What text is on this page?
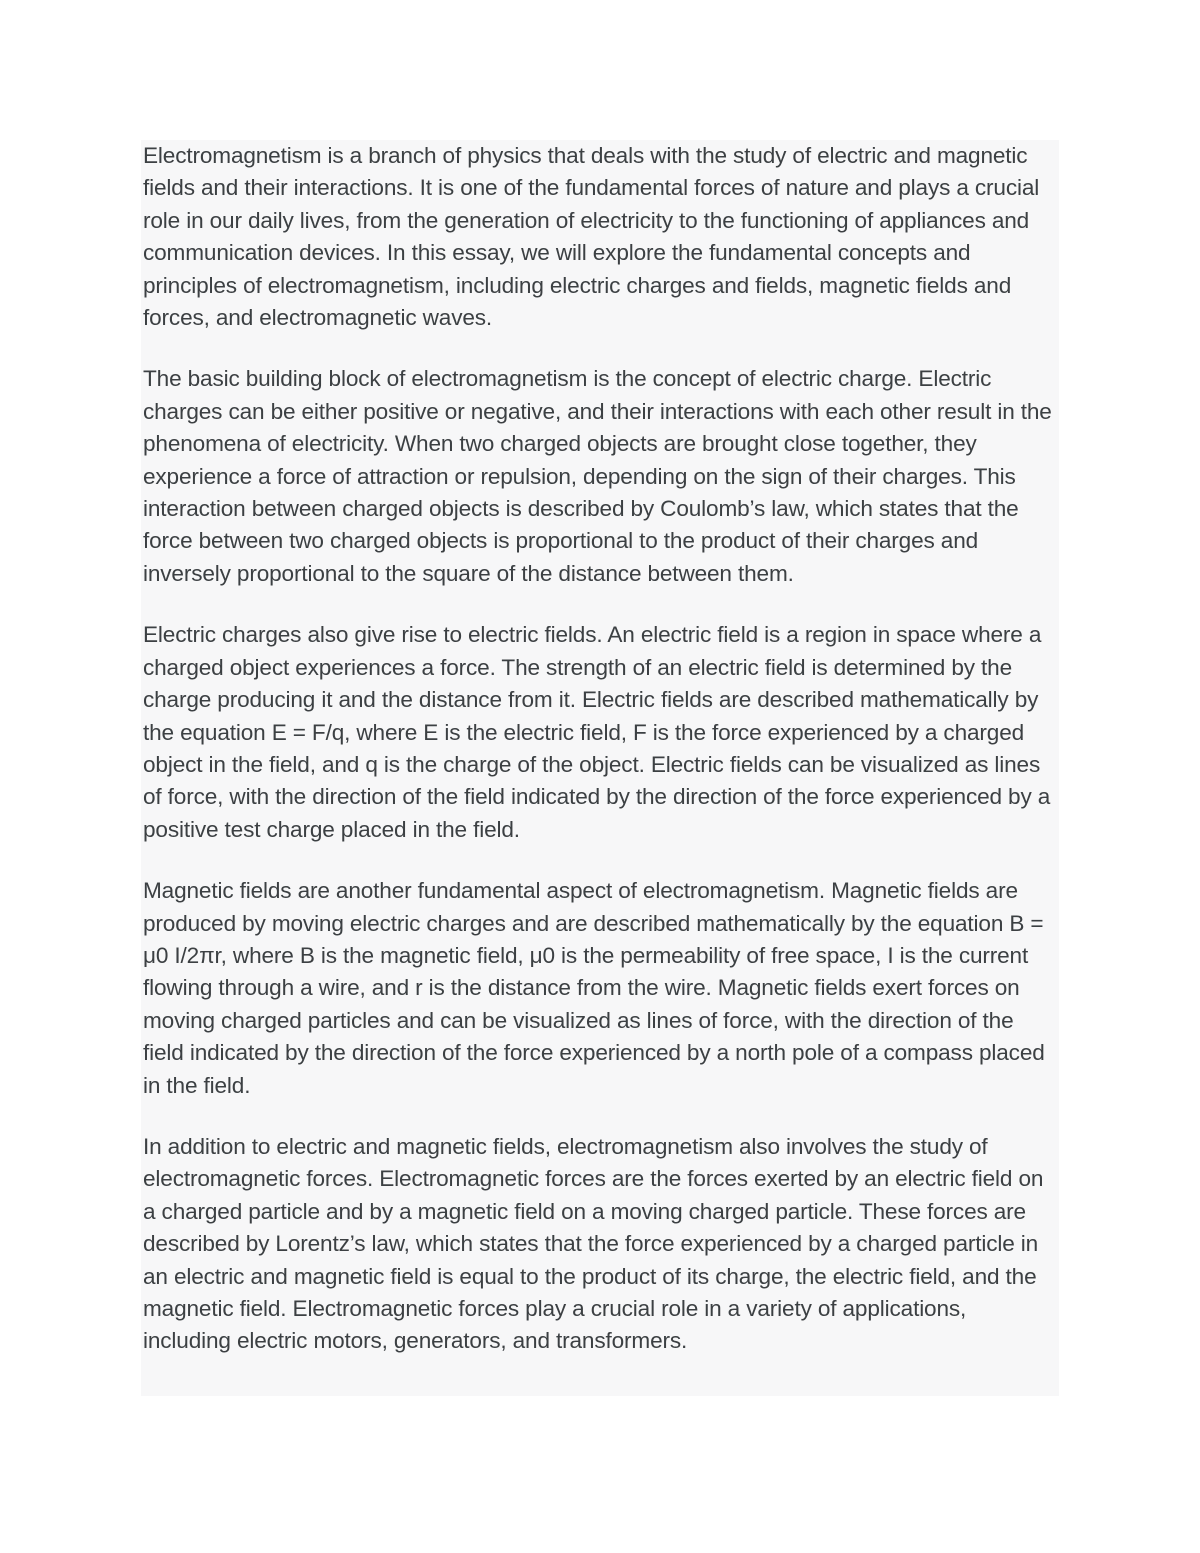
Electromagnetism is a branch of physics that deals with the study of electric and magnetic fields and their interactions. It is one of the fundamental forces of nature and plays a crucial role in our daily lives, from the generation of electricity to the functioning of appliances and communication devices. In this essay, we will explore the fundamental concepts and principles of electromagnetism, including electric charges and fields, magnetic fields and forces, and electromagnetic waves.

The basic building block of electromagnetism is the concept of electric charge. Electric charges can be either positive or negative, and their interactions with each other result in the phenomena of electricity. When two charged objects are brought close together, they experience a force of attraction or repulsion, depending on the sign of their charges. This interaction between charged objects is described by Coulomb’s law, which states that the force between two charged objects is proportional to the product of their charges and inversely proportional to the square of the distance between them.

Electric charges also give rise to electric fields. An electric field is a region in space where a charged object experiences a force. The strength of an electric field is determined by the charge producing it and the distance from it. Electric fields are described mathematically by the equation E = F/q, where E is the electric field, F is the force experienced by a charged object in the field, and q is the charge of the object. Electric fields can be visualized as lines of force, with the direction of the field indicated by the direction of the force experienced by a positive test charge placed in the field.

Magnetic fields are another fundamental aspect of electromagnetism. Magnetic fields are produced by moving electric charges and are described mathematically by the equation B = μ0 I/2πr, where B is the magnetic field, μ0 is the permeability of free space, I is the current flowing through a wire, and r is the distance from the wire. Magnetic fields exert forces on moving charged particles and can be visualized as lines of force, with the direction of the field indicated by the direction of the force experienced by a north pole of a compass placed in the field.

In addition to electric and magnetic fields, electromagnetism also involves the study of electromagnetic forces. Electromagnetic forces are the forces exerted by an electric field on a charged particle and by a magnetic field on a moving charged particle. These forces are described by Lorentz’s law, which states that the force experienced by a charged particle in an electric and magnetic field is equal to the product of its charge, the electric field, and the magnetic field. Electromagnetic forces play a crucial role in a variety of applications, including electric motors, generators, and transformers.
